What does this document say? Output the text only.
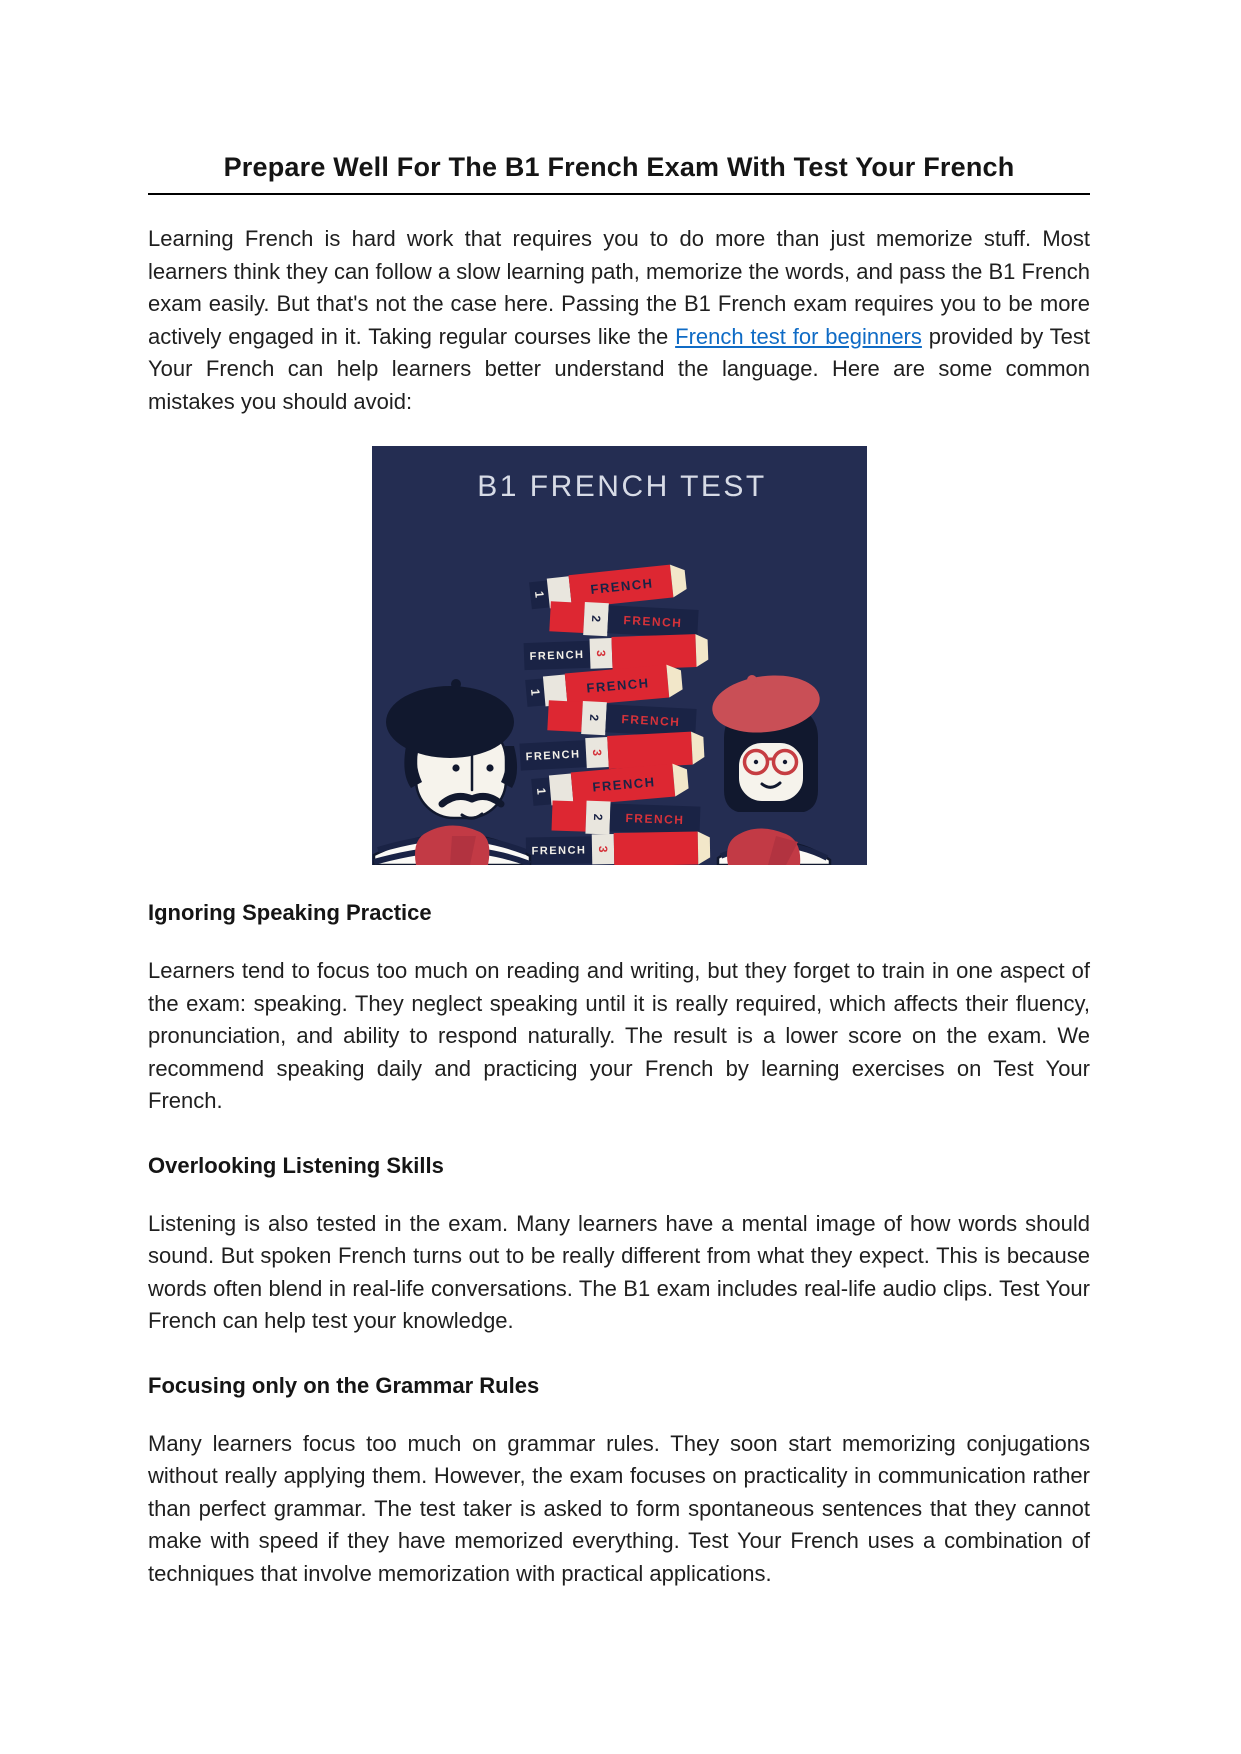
Prepare Well For The B1 French Exam With Test Your French

Learning French is hard work that requires you to do more than just memorize stuff. Most learners think they can follow a slow learning path, memorize the words, and pass the B1 French exam easily. But that's not the case here. Passing the B1 French exam requires you to be more actively engaged in it. Taking regular courses like the French test for beginners provided by Test Your French can help learners better understand the language. Here are some common mistakes you should avoid:

B1 FRENCH TEST
1	FRENCH
2 FRENCH
FRENCH 3
1	FRENCH
2 FRENCH
FRENCH 3
1	FRENCH
2 FRENCH
FRENCH 3
Ignoring Speaking Practice

Learners tend to focus too much on reading and writing, but they forget to train in one aspect of the exam: speaking. They neglect speaking until it is really required, which affects their fluency, pronunciation, and ability to respond naturally. The result is a lower score on the exam. We recommend speaking daily and practicing your French by learning exercises on Test Your French.

Overlooking Listening Skills

Listening is also tested in the exam. Many learners have a mental image of how words should sound. But spoken French turns out to be really different from what they expect. This is because words often blend in real-life conversations. The B1 exam includes real-life audio clips. Test Your French can help test your knowledge.

Focusing only on the Grammar Rules

Many learners focus too much on grammar rules. They soon start memorizing conjugations without really applying them. However, the exam focuses on practicality in communication rather than perfect grammar. The test taker is asked to form spontaneous sentences that they cannot make with speed if they have memorized everything. Test Your French uses a combination of techniques that involve memorization with practical applications.
